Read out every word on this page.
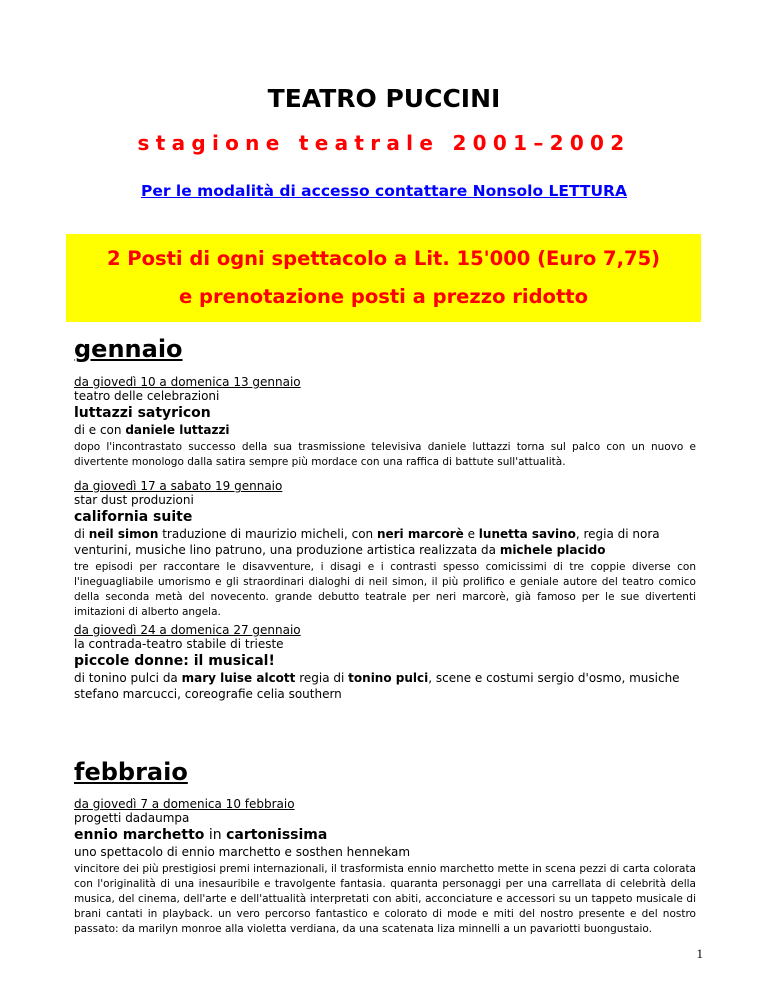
TEATRO PUCCINI
stagione teatrale 2001–2002
Per le modalità di accesso contattare Nonsolo LETTURA
2 Posti di ogni spettacolo a Lit. 15'000 (Euro 7,75)
e prenotazione posti a prezzo ridotto
gennaio
da giovedì 10 a domenica 13 gennaio
teatro delle celebrazioni
luttazzi satyricon
di e con daniele luttazzi
dopo l'incontrastato successo della sua trasmissione televisiva daniele luttazzi torna sul palco con un nuovo e divertente monologo dalla satira sempre più mordace con una raffica di battute sull'attualità.
da giovedì 17 a sabato 19 gennaio
star dust produzioni
california suite
di neil simon traduzione di maurizio micheli, con neri marcorè e lunetta savino, regia di nora venturini, musiche lino patruno, una produzione artistica realizzata da michele placido
tre episodi per raccontare le disavventure, i disagi e i contrasti spesso comicissimi di tre coppie diverse con l'ineguagliabile umorismo e gli straordinari dialoghi di neil simon, il più prolifico e geniale autore del teatro comico della seconda metà del novecento. grande debutto teatrale per neri marcorè, già famoso per le sue divertenti imitazioni di alberto angela.
da giovedì 24 a domenica 27 gennaio
la contrada-teatro stabile di trieste
piccole donne: il musical!
di tonino pulci da mary luise alcott regia di tonino pulci, scene e costumi sergio d'osmo, musiche stefano marcucci, coreografie celia southern
febbraio
da giovedì 7 a domenica 10 febbraio
progetti dadaumpa
ennio marchetto in cartonissima
uno spettacolo di ennio marchetto e sosthen hennekam
vincitore dei più prestigiosi premi internazionali, il trasformista ennio marchetto mette in scena pezzi di carta colorata con l'originalità di una inesauribile e travolgente fantasia. quaranta personaggi per una carrellata di celebrità della musica, del cinema, dell'arte e dell'attualità interpretati con abiti, acconciature e accessori su un tappeto musicale di brani cantati in playback. un vero percorso fantastico e colorato di mode e miti del nostro presente e del nostro passato: da marilyn monroe alla violetta verdiana, da una scatenata liza minnelli a un pavariotti buongustaio.
1
